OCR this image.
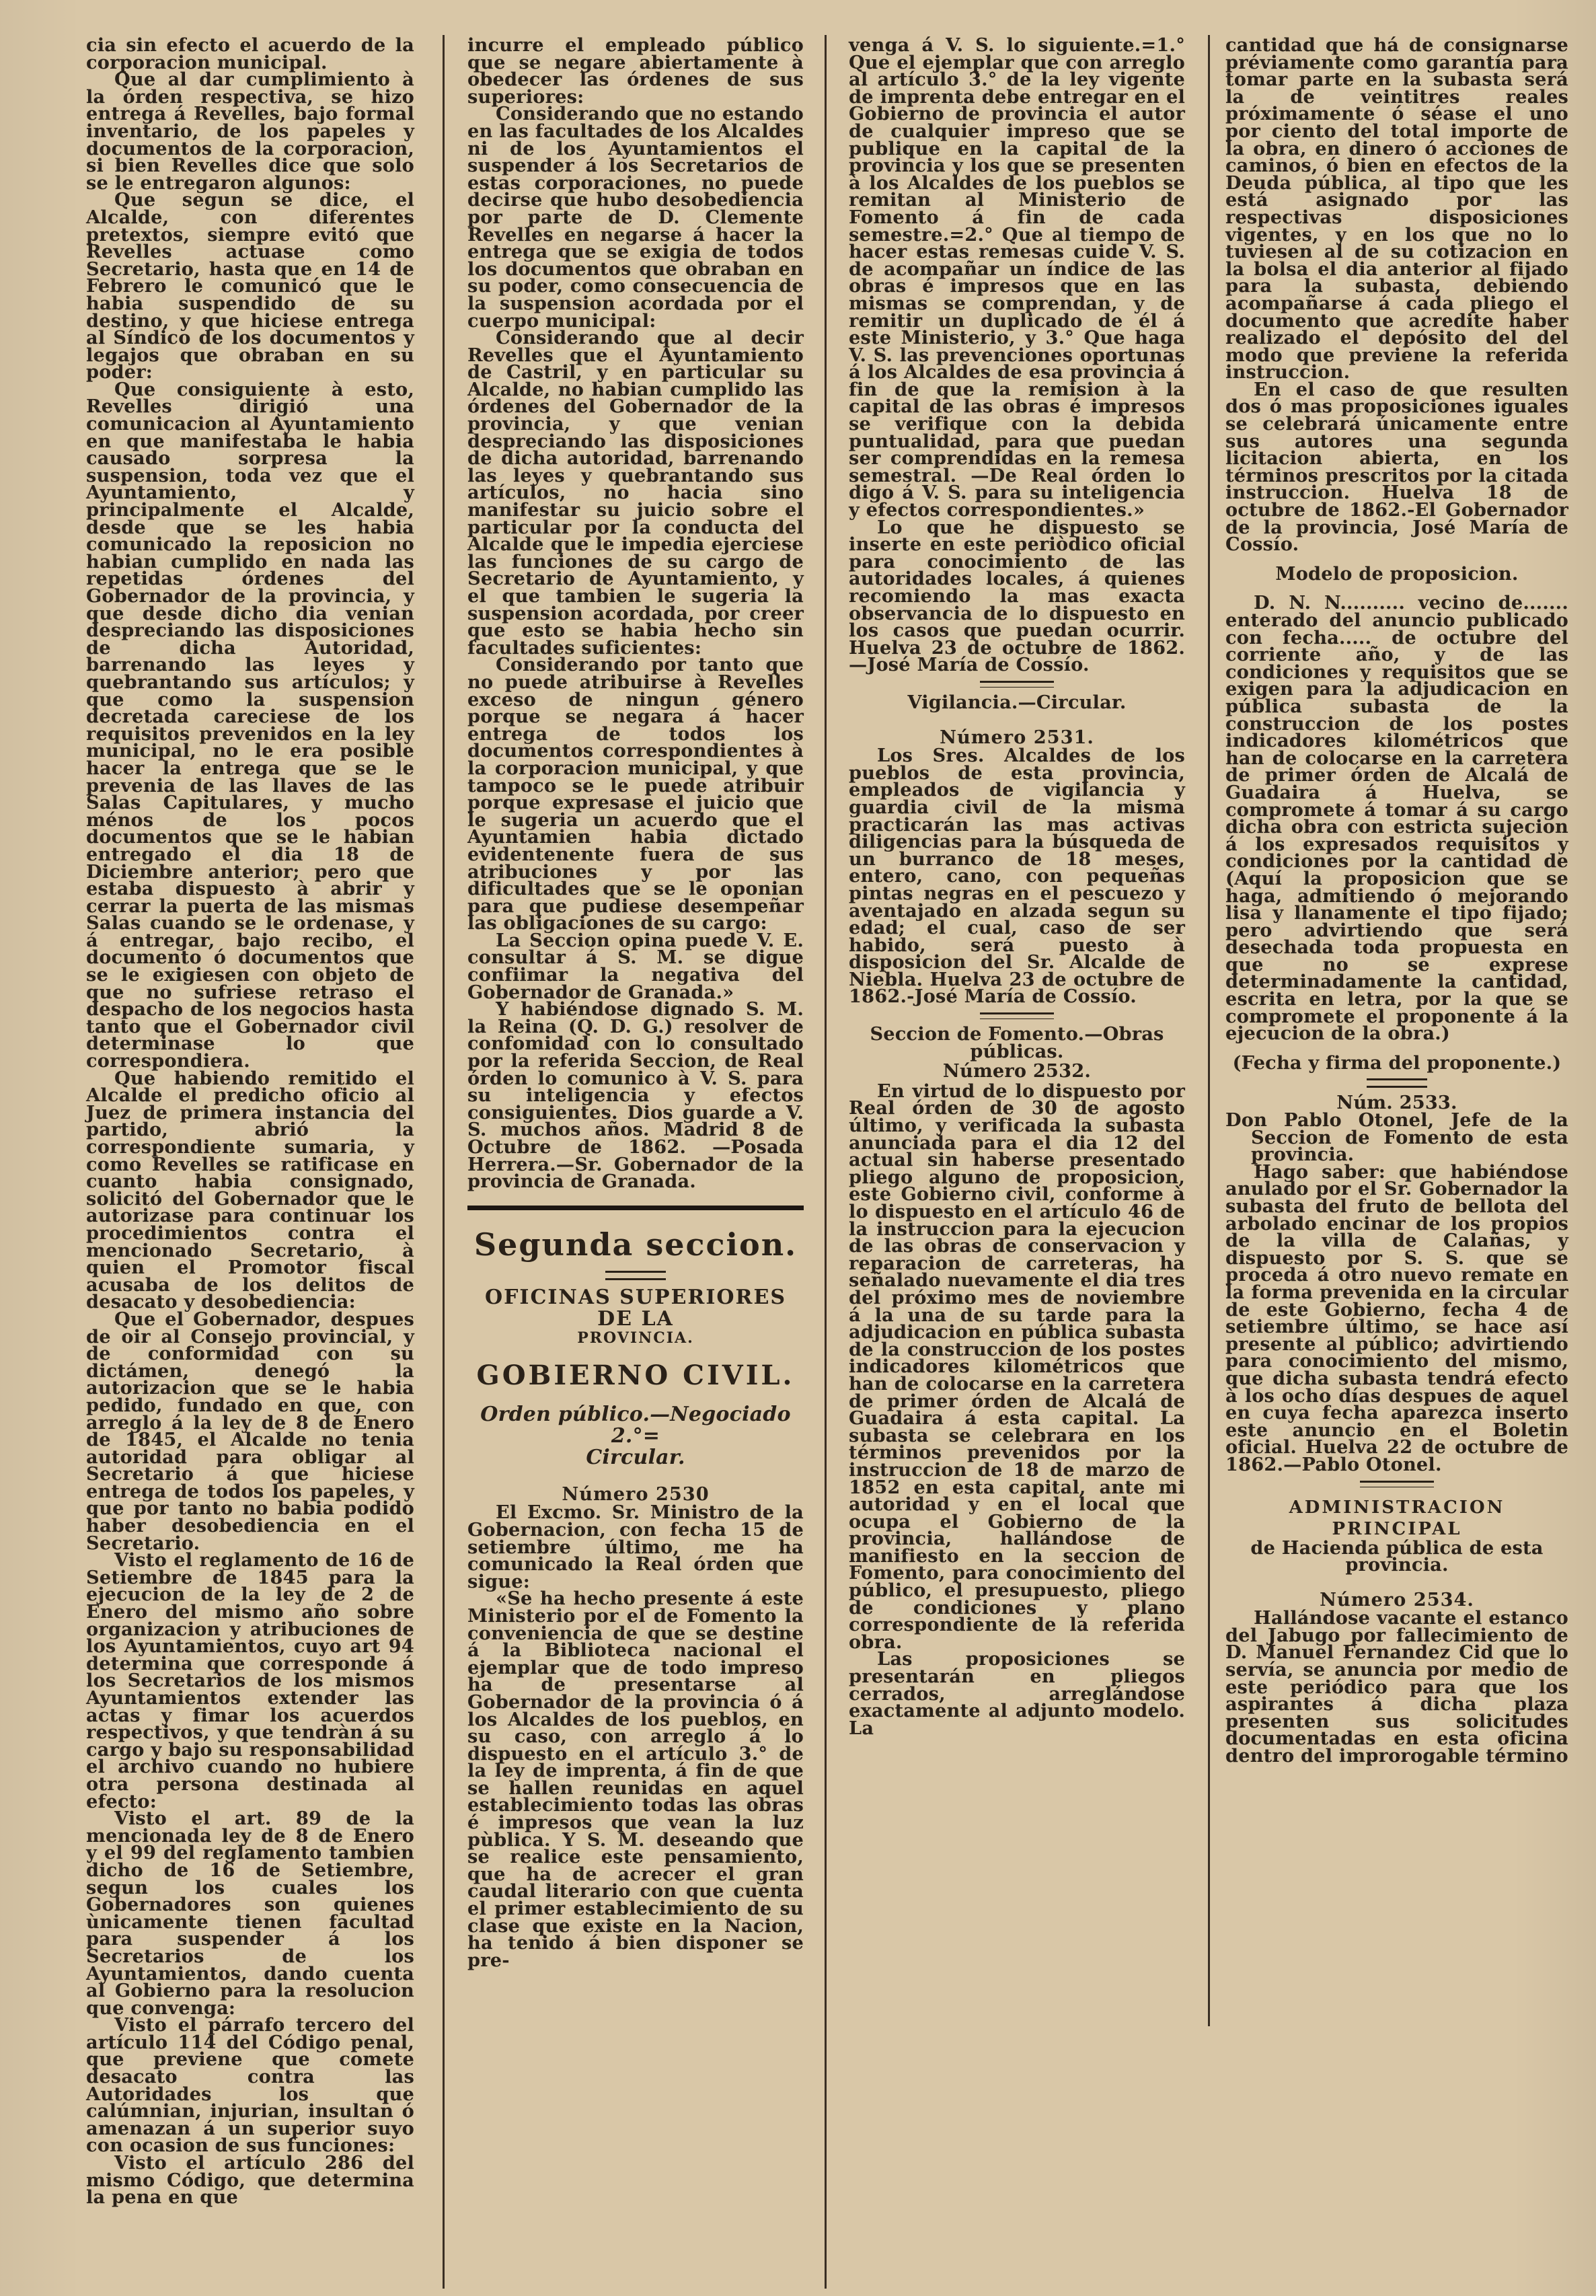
cia sin efecto el acuerdo de la corporacion municipal.

Que al dar cumplimiento à la órden respectiva, se hizo entrega á Revelles, bajo formal inventario, de los papeles y documentos de la corporacion, si bien Revelles dice que solo se le entregaron algunos:

Que segun se dice, el Alcalde, con diferentes pretextos, siempre evitó que Revelles actuase como Secretario, hasta que en 14 de Febrero le comunicó que le habia suspendido de su destino, y que hiciese entrega al Síndico de los documentos y legajos que obraban en su poder:

Que consiguiente à esto, Revelles dirigió una comunicacion al Ayuntamiento en que manifestaba le habia causado sorpresa la suspension, toda vez que el Ayuntamiento, y principalmente el Alcalde, desde que se les habia comunicado la reposicion no habian cumplido en nada las repetidas órdenes del Gobernador de la provincia, y que desde dicho dia venian despreciando las disposiciones de dicha Autoridad, barrenando las leyes y quebrantando sus artículos; y que como la suspension decretada careciese de los requisitos prevenidos en la ley municipal, no le era posible hacer la entrega que se le prevenia de las llaves de las Salas Capitulares, y mucho ménos de los pocos documentos que se le habian entregado el dia 18 de Diciembre anterior; pero que estaba dispuesto à abrir y cerrar la puerta de las mismas Salas cuando se le ordenase, y á entregar, bajo recibo, el documento ó documentos que se le exigiesen con objeto de que no sufriese retraso el despacho de los negocios hasta tanto que el Gobernador civil determinase lo que correspondiera.

Que habiendo remitido el Alcalde el predicho oficio al Juez de primera instancia del partido, abrió la correspondiente sumaria, y como Revelles se ratificase en cuanto habia consignado, solicitó del Gobernador que le autorizase para continuar los procedimientos contra el mencionado Secretario, à quien el Promotor fiscal acusaba de los delitos de desacato y desobediencia:

Que el Gobernador, despues de oir al Consejo provincial, y de conformidad con su dictámen, denegó la autorizacion que se le habia pedido, fundado en que, con arreglo á la ley de 8 de Enero de 1845, el Alcalde no tenia autoridad para obligar al Secretario á que hiciese entrega de todos los papeles, y que por tanto no babia podido haber desobediencia en el Secretario.

Visto el reglamento de 16 de Setiembre de 1845 para la ejecucion de la ley de 2 de Enero del mismo año sobre organizacion y atribuciones de los Ayuntamientos, cuyo art 94 determina que corresponde á los Secretarios de los mismos Ayuntamientos extender las actas y fimar los acuerdos respectivos, y que tendràn á su cargo y bajo su responsabilidad el archivo cuando no hubiere otra persona destinada al efecto:

Visto el art. 89 de la mencionada ley de 8 de Enero y el 99 del reglamento tambien dicho de 16 de Setiembre, segun los cuales los Gobernadores son quienes ùnicamente tienen facultad para suspender á los Secretarios de los Ayuntamientos, dando cuenta al Gobierno para la resolucion que convenga:

Visto el párrafo tercero del artículo 114 del Código penal, que previene que comete desacato contra las Autoridades los que calúmnian, injurian, insultan ó amenazan á un superior suyo con ocasion de sus funciones:

Visto el artículo 286 del mismo Código, que determina la pena en que

incurre el empleado público que se negare abiertamente à obedecer las órdenes de sus superiores:

Considerando que no estando en las facultades de los Alcaldes ni de los Ayuntamientos el suspender á los Secretarios de estas corporaciones, no puede decirse que hubo desobediencia por parte de D. Clemente Revelles en negarse á hacer la entrega que se exigia de todos los documentos que obraban en su poder, como consecuencia de la suspension acordada por el cuerpo municipal:

Considerando que al decir Revelles que el Ayuntamiento de Castril, y en particular su Alcalde, no habian cumplido las órdenes del Gobernador de la provincia, y que venian despreciando las disposiciones de dicha autoridad, barrenando las leyes y quebrantando sus artículos, no hacia sino manifestar su juicio sobre el particular por la conducta del Alcalde que le impedia ejerciese las funciones de su cargo de Secretario de Ayuntamiento, y el que tambien le sugeria la suspension acordada, por creer que esto se habia hecho sin facultades suficientes:

Considerando por tanto que no puede atribuirse à Revelles exceso de ningun género porque se negara á hacer entrega de todos los documentos correspondientes à la corporacion municipal, y que tampoco se le puede atribuir porque expresase el juicio que le sugeria un acuerdo que el Ayuntamien habia dictado evidentenente fuera de sus atribuciones y por las dificultades que se le oponian para que pudiese desempeñar las obligaciones de su cargo:

La Seccion opina puede V. E. consultar á S. M. se digue confiimar la negativa del Gobernador de Granada.»

Y habiéndose dignado S. M. la Reina (Q. D. G.) resolver de confomidad con lo consultado por la referida Seccion, de Real órden lo comunico à V. S. para su inteligencia y efectos consiguientes. Dios guarde a V. S. muchos años. Madrid 8 de Octubre de 1862. —Posada Herrera.—Sr. Gobernador de la provincia de Granada.

Segunda seccion.
OFICINAS SUPERIORES DE LA
PROVINCIA.
GOBIERNO CIVIL.
Orden público.—Negociado 2.°=
Circular.
Número 2530

El Excmo. Sr. Ministro de la Gobernacion, con fecha 15 de setiembre último, me ha comunicado la Real órden que sigue:

«Se ha hecho presente á este Ministerio por el de Fomento la conveniencia de que se destine á la Biblioteca nacional el ejemplar que de todo impreso ha de presentarse al Gobernador de la provincia ó á los Alcaldes de los pueblos, en su caso, con arreglo á lo dispuesto en el artículo 3.° de la ley de imprenta, á fin de que se hallen reunidas en aquel establecimiento todas las obras é impresos que vean la luz pùblica. Y S. M. deseando que se realice este pensamiento, que ha de acrecer el gran caudal literario con que cuenta el primer establecimiento de su clase que existe en la Nacion, ha tenido á bien disponer se pre-

venga á V. S. lo siguiente.=1.° Que el ejemplar que con arreglo al artículo 3.° de la ley vigente de imprenta debe entregar en el Gobierno de provincia el autor de cualquier impreso que se publique en la capital de la provincia y los que se presenten à los Alcaldes de los pueblos se remitan al Ministerio de Fomento á fin de cada semestre.=2.° Que al tiempo de hacer estas remesas cuide V. S. de acompañar un índice de las obras é impresos que en las mismas se comprendan, y de remitir un duplicado de él á este Ministerio, y 3.° Que haga V. S. las prevenciones oportunas á los Alcaldes de esa provincia á fin de que la remision à la capital de las obras é impresos se verifique con la debida puntualidad, para que puedan ser comprendidas en la remesa semestral. —De Real órden lo digo á V. S. para su inteligencia y efectos correspondientes.»

Lo que he dispuesto se inserte en este periòdico oficial para conocimiento de las autoridades locales, á quienes recomiendo la mas exacta observancia de lo dispuesto en los casos que puedan ocurrir. Huelva 23 de octubre de 1862.—José María de Cossío.

Vigilancia.—Circular.
Número 2531.

Los Sres. Alcaldes de los pueblos de esta provincia, empleados de vigilancia y guardia civil de la misma practicarán las mas activas diligencias para la búsqueda de un burranco de 18 meses, entero, cano, con pequeñas pintas negras en el pescuezo y aventajado en alzada segun su edad; el cual, caso de ser habido, será puesto à disposicion del Sr. Alcalde de Niebla. Huelva 23 de octubre de 1862.-José María de Cossío.

Seccion de Fomento.—Obras públicas.
Número 2532.

En virtud de lo dispuesto por Real órden de 30 de agosto último, y verificada la subasta anunciada para el dia 12 del actual sin haberse presentado pliego alguno de proposicion, este Gobierno civil, conforme à lo dispuesto en el artículo 46 de la instruccion para la ejecucion de las obras de conservacion y reparacion de carreteras, ha señalado nuevamente el dia tres del próximo mes de noviembre á la una de su tarde para la adjudicacion en pública subasta de la construccion de los postes indicadores kilométricos que han de colocarse en la carretera de primer órden de Alcalá de Guadaira á esta capital. La subasta se celebrara en los términos prevenidos por la instruccion de 18 de marzo de 1852 en esta capital, ante mi autoridad y en el local que ocupa el Gobierno de la provincia, hallándose de manifiesto en la seccion de Fomento, para conocimiento del público, el presupuesto, pliego de condiciones y plano correspondiente de la referida obra.

Las proposiciones se presentarán en pliegos cerrados, arreglándose exactamente al adjunto modelo. La

cantidad que há de consignarse préviamente como garantía para tomar parte en la subasta será la de veintitres reales próximamente ó séase el uno por ciento del total importe de la obra, en dinero ó acciones de caminos, ó bien en efectos de la Deuda pública, al tipo que les está asignado por las respectivas disposiciones vigentes, y en los que no lo tuviesen al de su cotizacion en la bolsa el dia anterior al fijado para la subasta, debiendo acompañarse á cada pliego el documento que acredite haber realizado el depósito del del modo que previene la referida instruccion.

En el caso de que resulten dos ó mas proposiciones iguales se celebrará únicamente entre sus autores una segunda licitacion abierta, en los términos prescritos por la citada instruccion. Huelva 18 de octubre de 1862.-El Gobernador de la provincia, José María de Cossío.

Modelo de proposicion.

D. N. N.......... vecino de....... enterado del anuncio publicado con fecha..... de octubre del corriente año, y de las condiciones y requisitos que se exigen para la adjudicacion en pública subasta de la construccion de los postes indicadores kilométricos que han de colocarse en la carretera de primer órden de Alcalá de Guadaira á Huelva, se compromete á tomar á su cargo dicha obra con estricta sujecion á los expresados requisitos y condiciones por la cantidad de (Aquí la proposicion que se haga, admitiendo ó mejorando lisa y llanamente el tipo fijado; pero advirtiendo que será desechada toda propuesta en que no se exprese determinadamente la cantidad, escrita en letra, por la que se compromete el proponente á la ejecucion de la obra.)

(Fecha y firma del proponente.)
Núm. 2533.

Don Pablo Otonel, Jefe de la Seccion de Fomento de esta provincia.

Hago saber: que habiéndose anulado por el Sr. Gobernador la subasta del fruto de bellota del arbolado encinar de los propios de la villa de Calañas, y dispuesto por S. S. que se proceda á otro nuevo remate en la forma prevenida en la circular de este Gobierno, fecha 4 de setiembre último, se hace así presente al público; advirtiendo para conocimiento del mismo, que dicha subasta tendrá efecto à los ocho días despues de aquel en cuya fecha aparezca inserto este anuncio en el Boletin oficial. Huelva 22 de octubre de 1862.—Pablo Otonel.

ADMINISTRACION PRINCIPAL
de Hacienda pública de esta provincia.
Número 2534.

Hallándose vacante el estanco del Jabugo por fallecimiento de D. Manuel Fernandez Cid que lo servía, se anuncia por medio de este periódico para que los aspirantes á dicha plaza presenten sus solicitudes documentadas en esta oficina dentro del improrogable término
